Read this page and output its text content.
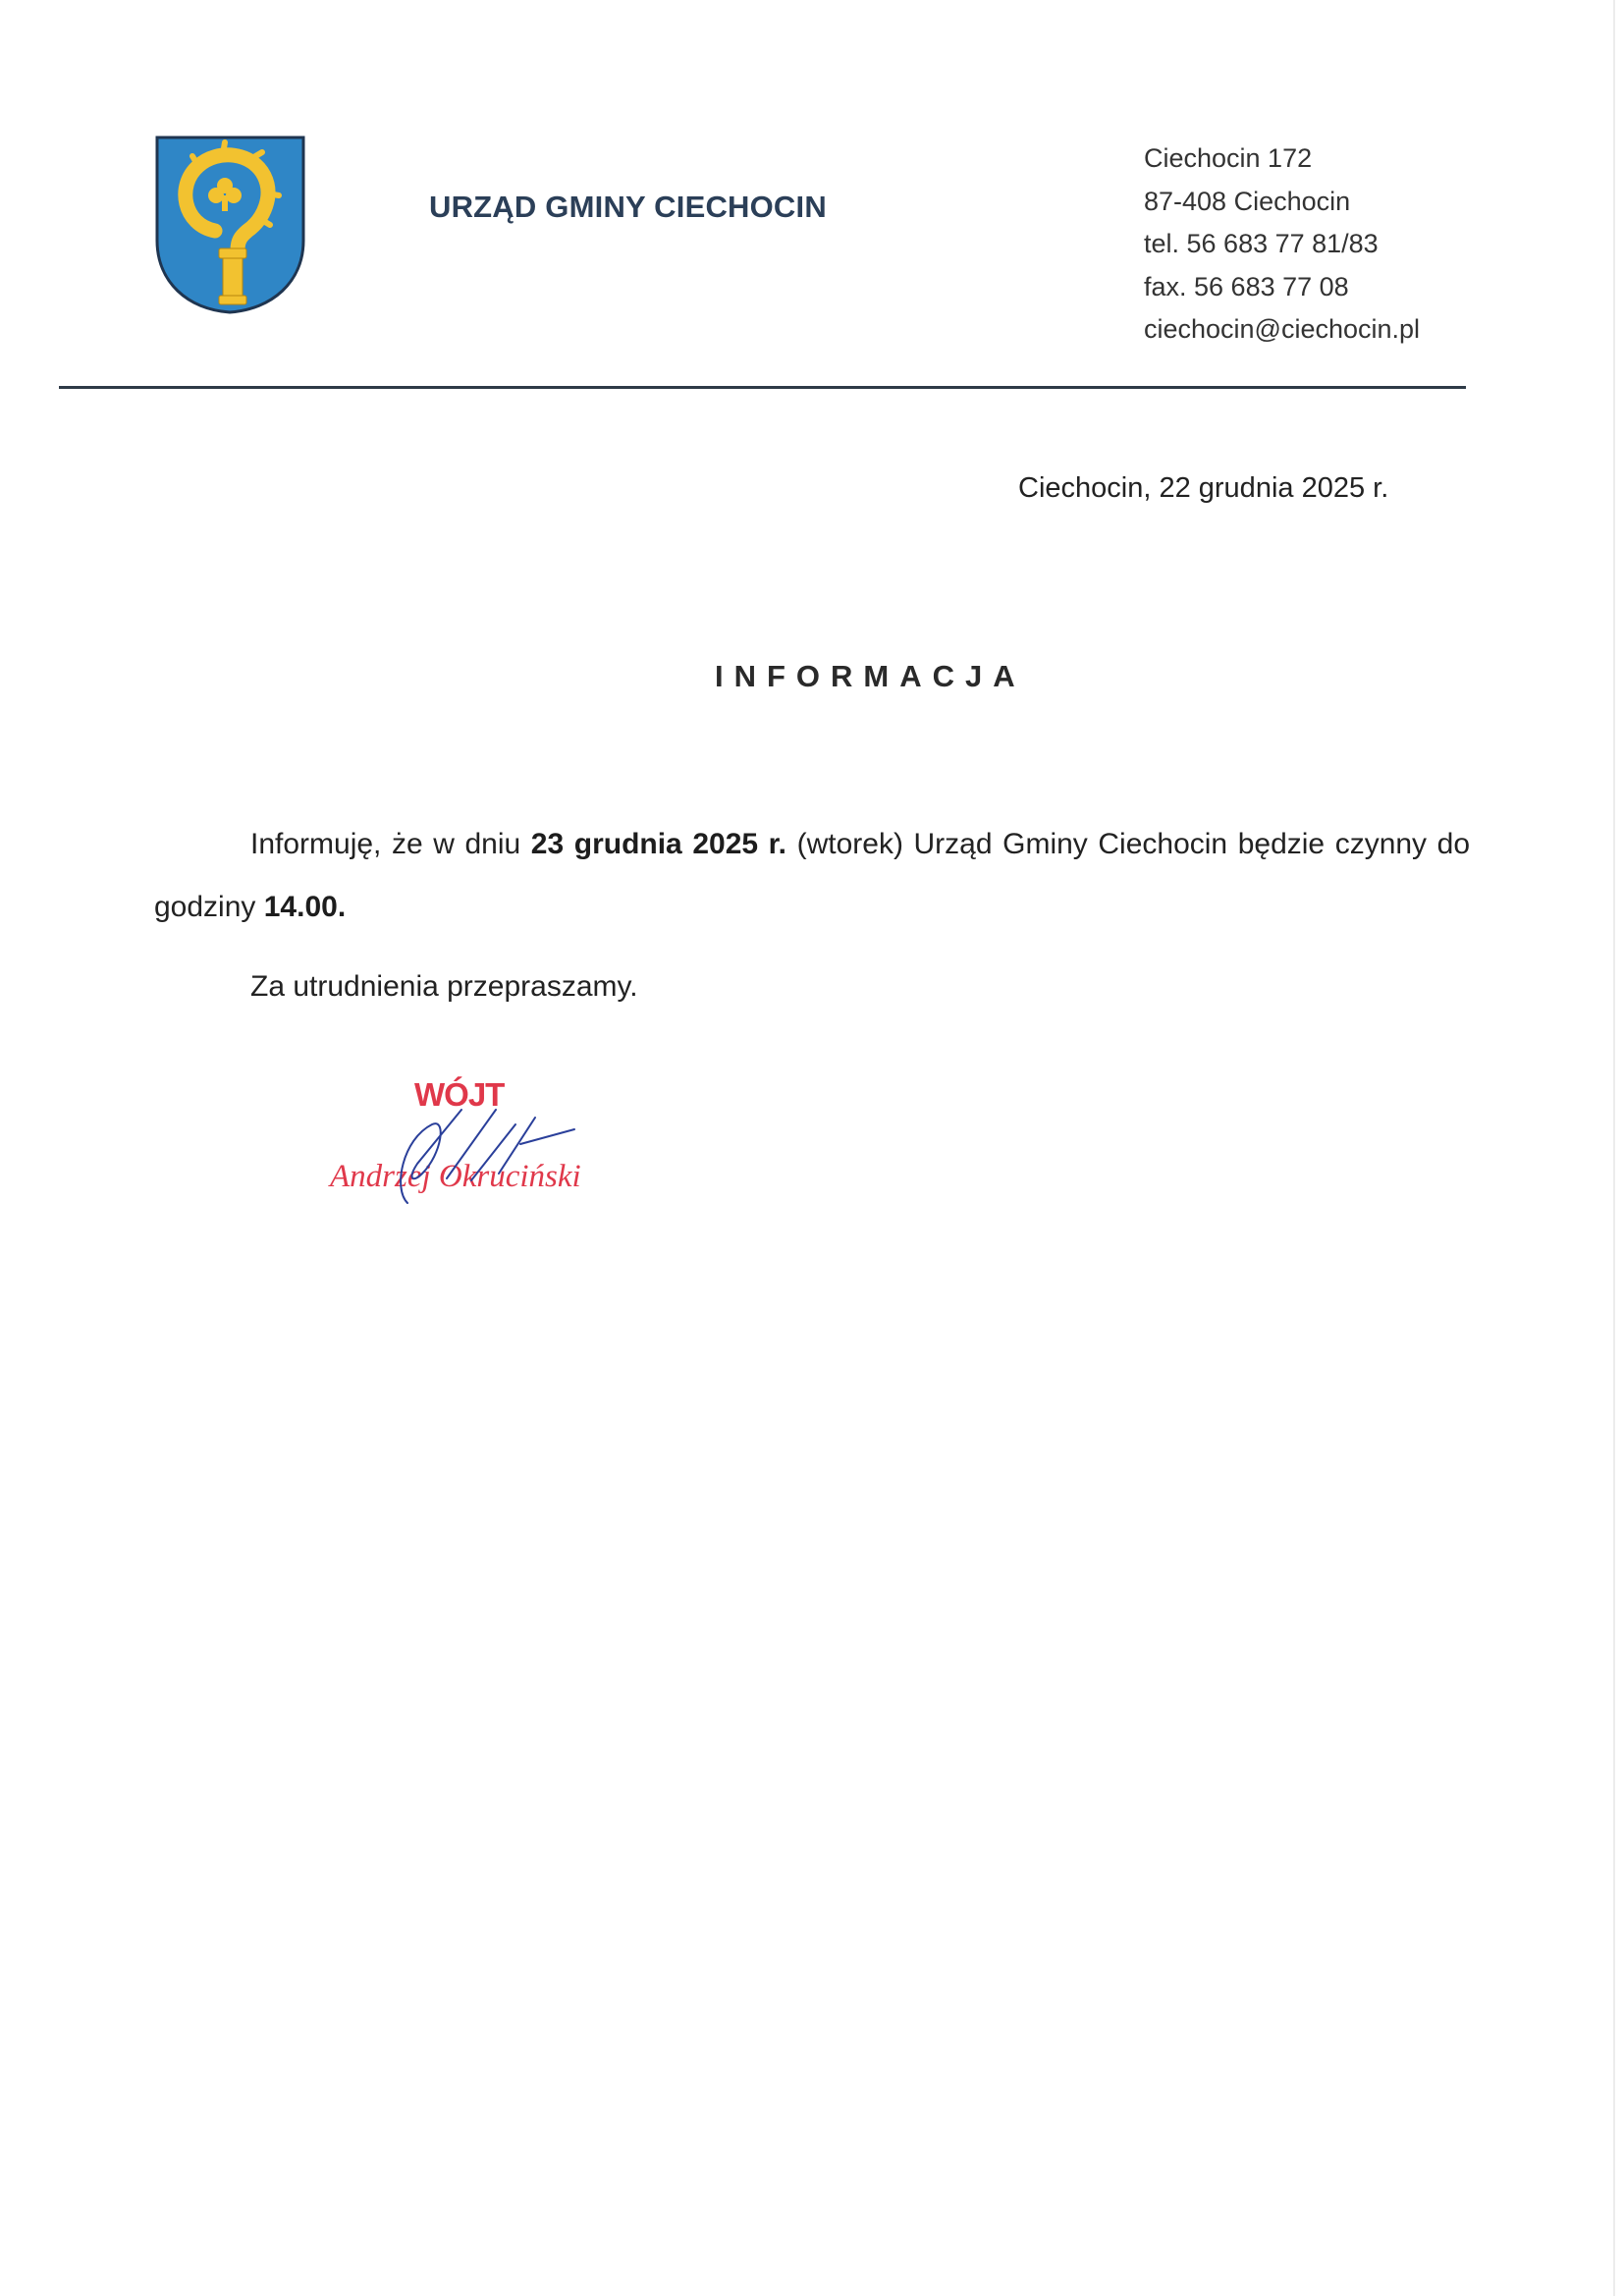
URZĄD GMINY CIECHOCIN
Ciechocin 172
87-408 Ciechocin
tel. 56 683 77 81/83
fax. 56 683 77 08
ciechocin@ciechocin.pl
Ciechocin, 22 grudnia 2025 r.
INFORMACJA
Informuję, że w dniu 23 grudnia 2025 r. (wtorek) Urząd Gminy Ciechocin będzie czynny do godziny 14.00.
Za utrudnienia przepraszamy.
WÓJT
Andrzej Okruciński
